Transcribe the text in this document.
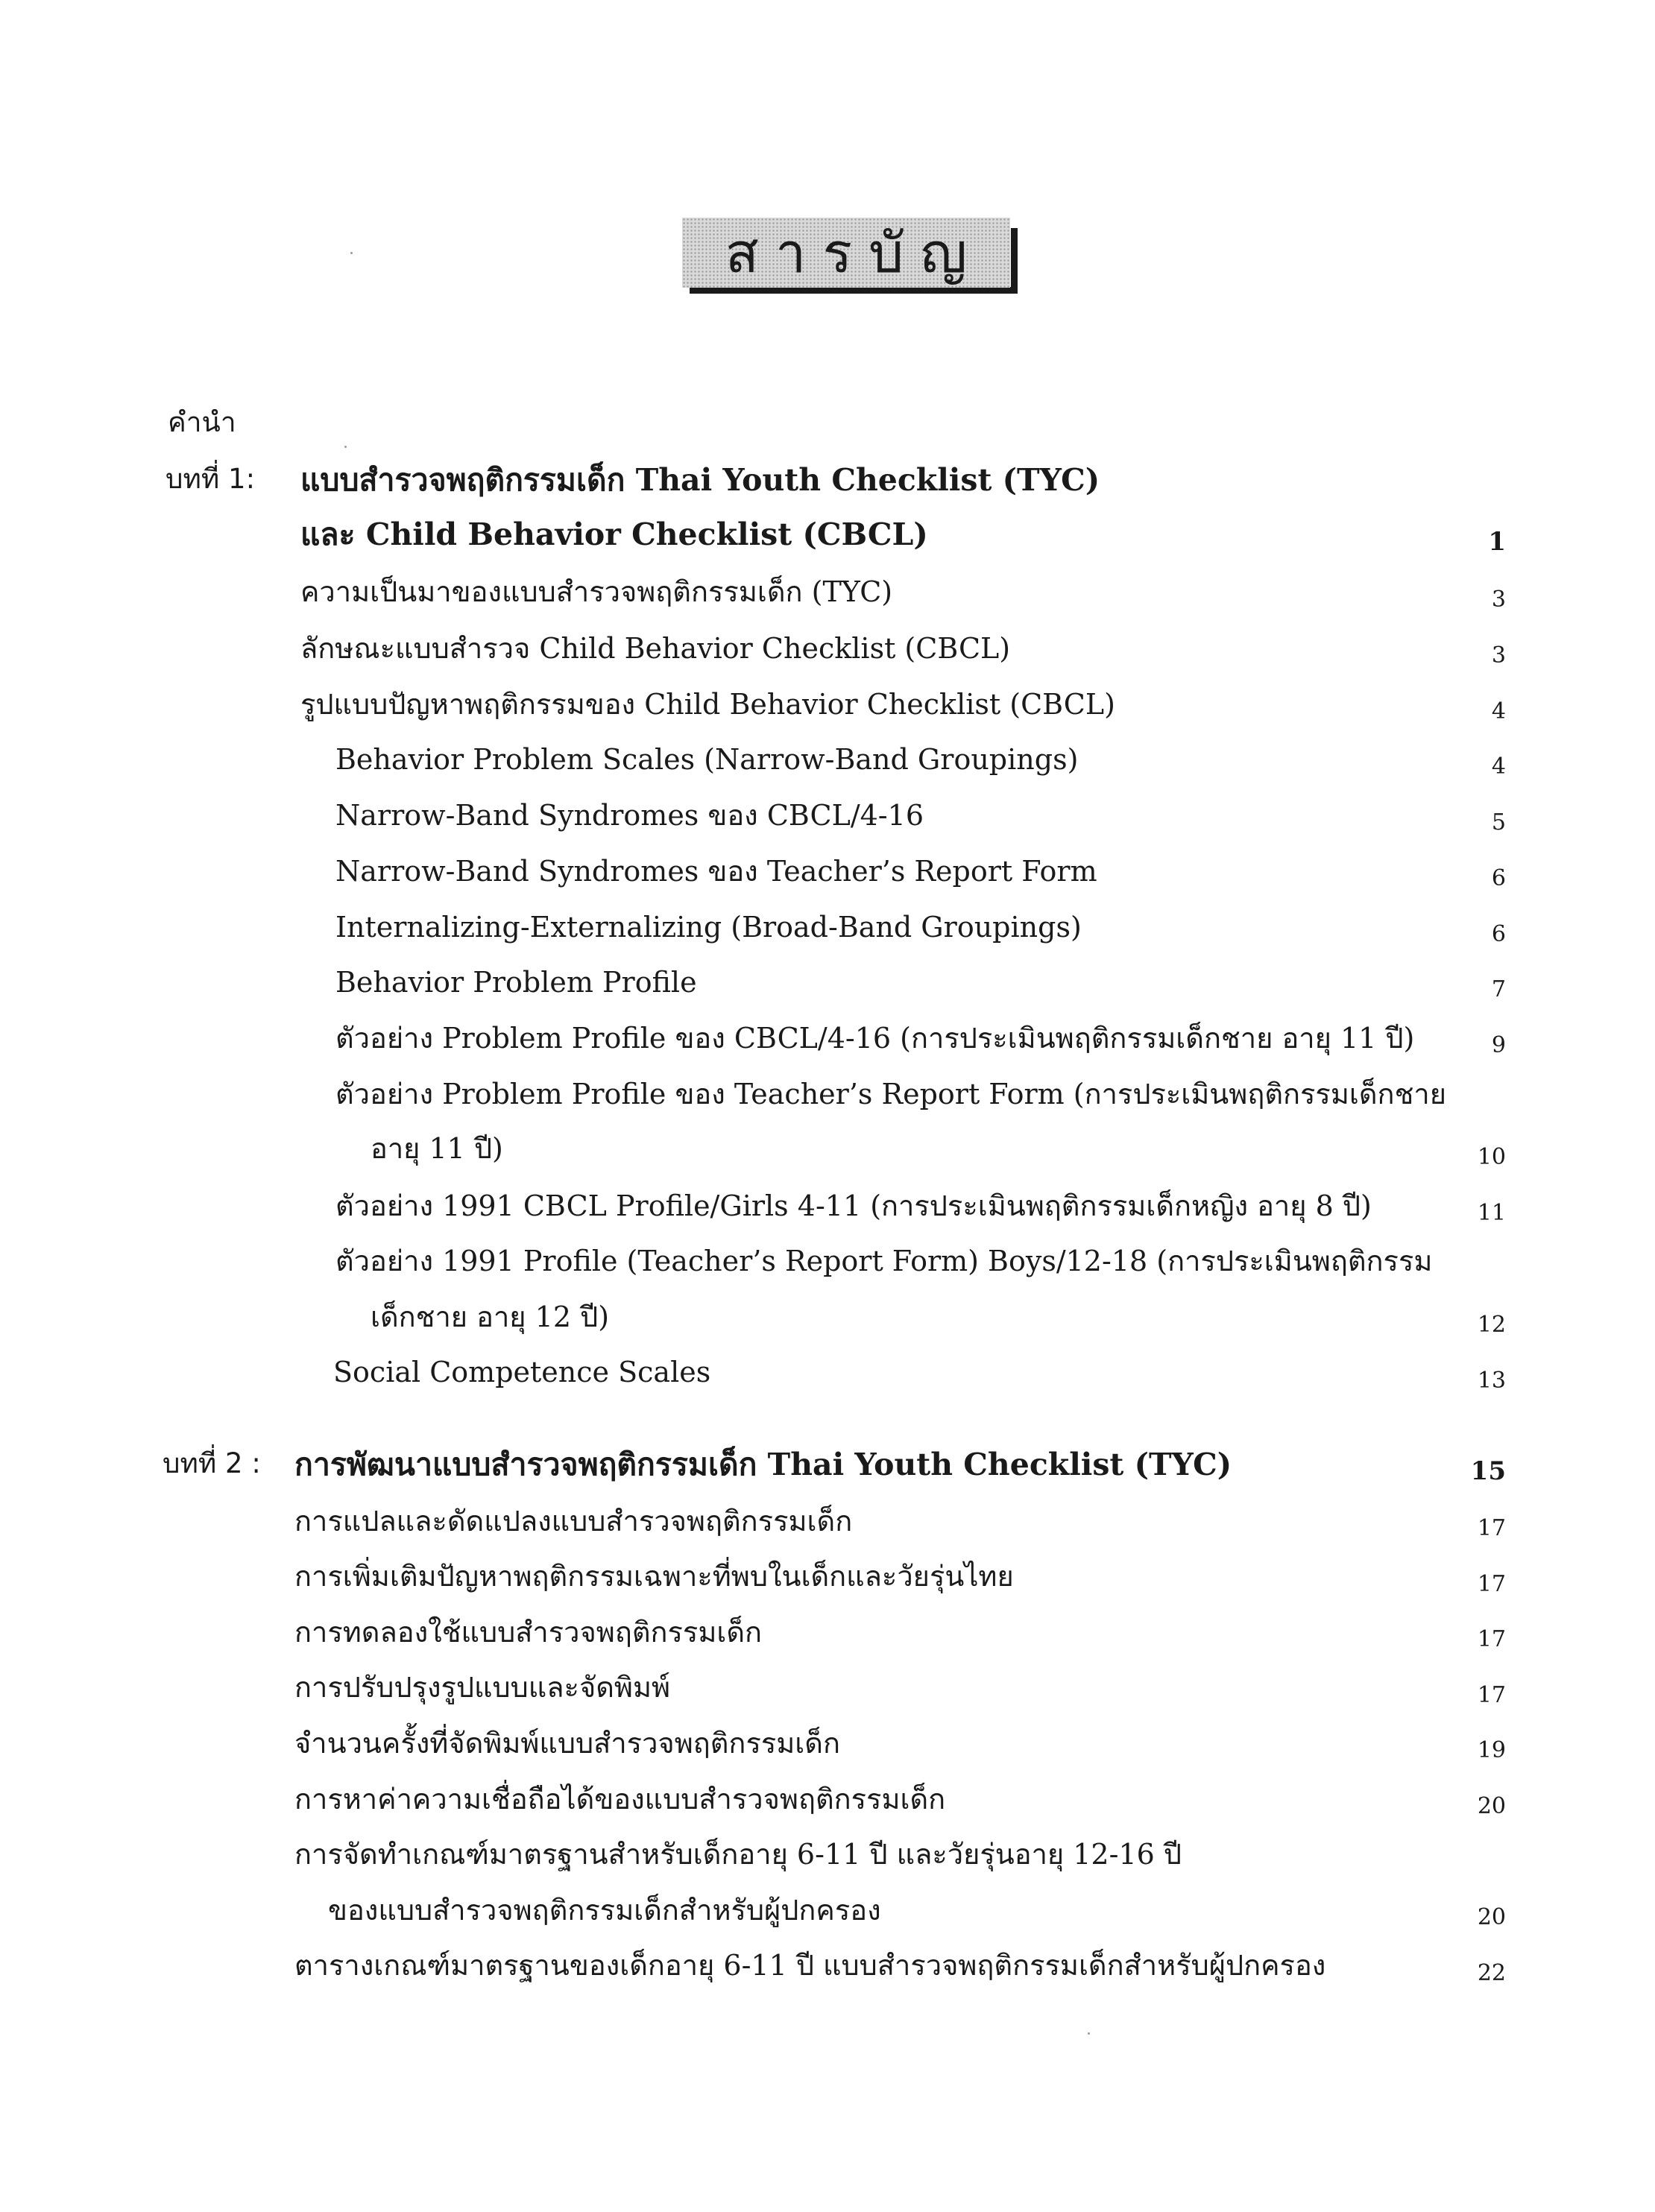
สารบัญ
คำนำ
บทที่ 1: แบบสำรวจพฤติกรรมเด็ก Thai Youth Checklist (TYC)
และ Child Behavior Checklist (CBCL)	1
ความเป็นมาของแบบสำรวจพฤติกรรมเด็ก (TYC)	3
ลักษณะแบบสำรวจ Child Behavior Checklist (CBCL)	3
รูปแบบปัญหาพฤติกรรมของ Child Behavior Checklist (CBCL)	4
Behavior Problem Scales (Narrow-Band Groupings)	4
Narrow-Band Syndromes ของ CBCL/4-16	5
Narrow-Band Syndromes ของ Teacher’s Report Form	6
Internalizing-Externalizing (Broad-Band Groupings)	6
Behavior Problem Profile	7
ตัวอย่าง Problem Profile ของ CBCL/4-16 (การประเมินพฤติกรรมเด็กชาย อายุ 11 ปี)	9
ตัวอย่าง Problem Profile ของ Teacher’s Report Form (การประเมินพฤติกรรมเด็กชาย
อายุ 11 ปี)	10
ตัวอย่าง 1991 CBCL Profile/Girls 4-11 (การประเมินพฤติกรรมเด็กหญิง อายุ 8 ปี)	11
ตัวอย่าง 1991 Profile (Teacher’s Report Form) Boys/12-18 (การประเมินพฤติกรรม
เด็กชาย อายุ 12 ปี)	12
Social Competence Scales	13
บทที่ 2 : การพัฒนาแบบสำรวจพฤติกรรมเด็ก Thai Youth Checklist (TYC)	15
การแปลและดัดแปลงแบบสำรวจพฤติกรรมเด็ก	17
การเพิ่มเติมปัญหาพฤติกรรมเฉพาะที่พบในเด็กและวัยรุ่นไทย	17
การทดลองใช้แบบสำรวจพฤติกรรมเด็ก	17
การปรับปรุงรูปแบบและจัดพิมพ์	17
จำนวนครั้งที่จัดพิมพ์แบบสำรวจพฤติกรรมเด็ก	19
การหาค่าความเชื่อถือได้ของแบบสำรวจพฤติกรรมเด็ก	20
การจัดทำเกณฑ์มาตรฐานสำหรับเด็กอายุ 6-11 ปี และวัยรุ่นอายุ 12-16 ปี
ของแบบสำรวจพฤติกรรมเด็กสำหรับผู้ปกครอง	20
ตารางเกณฑ์มาตรฐานของเด็กอายุ 6-11 ปี แบบสำรวจพฤติกรรมเด็กสำหรับผู้ปกครอง	22
